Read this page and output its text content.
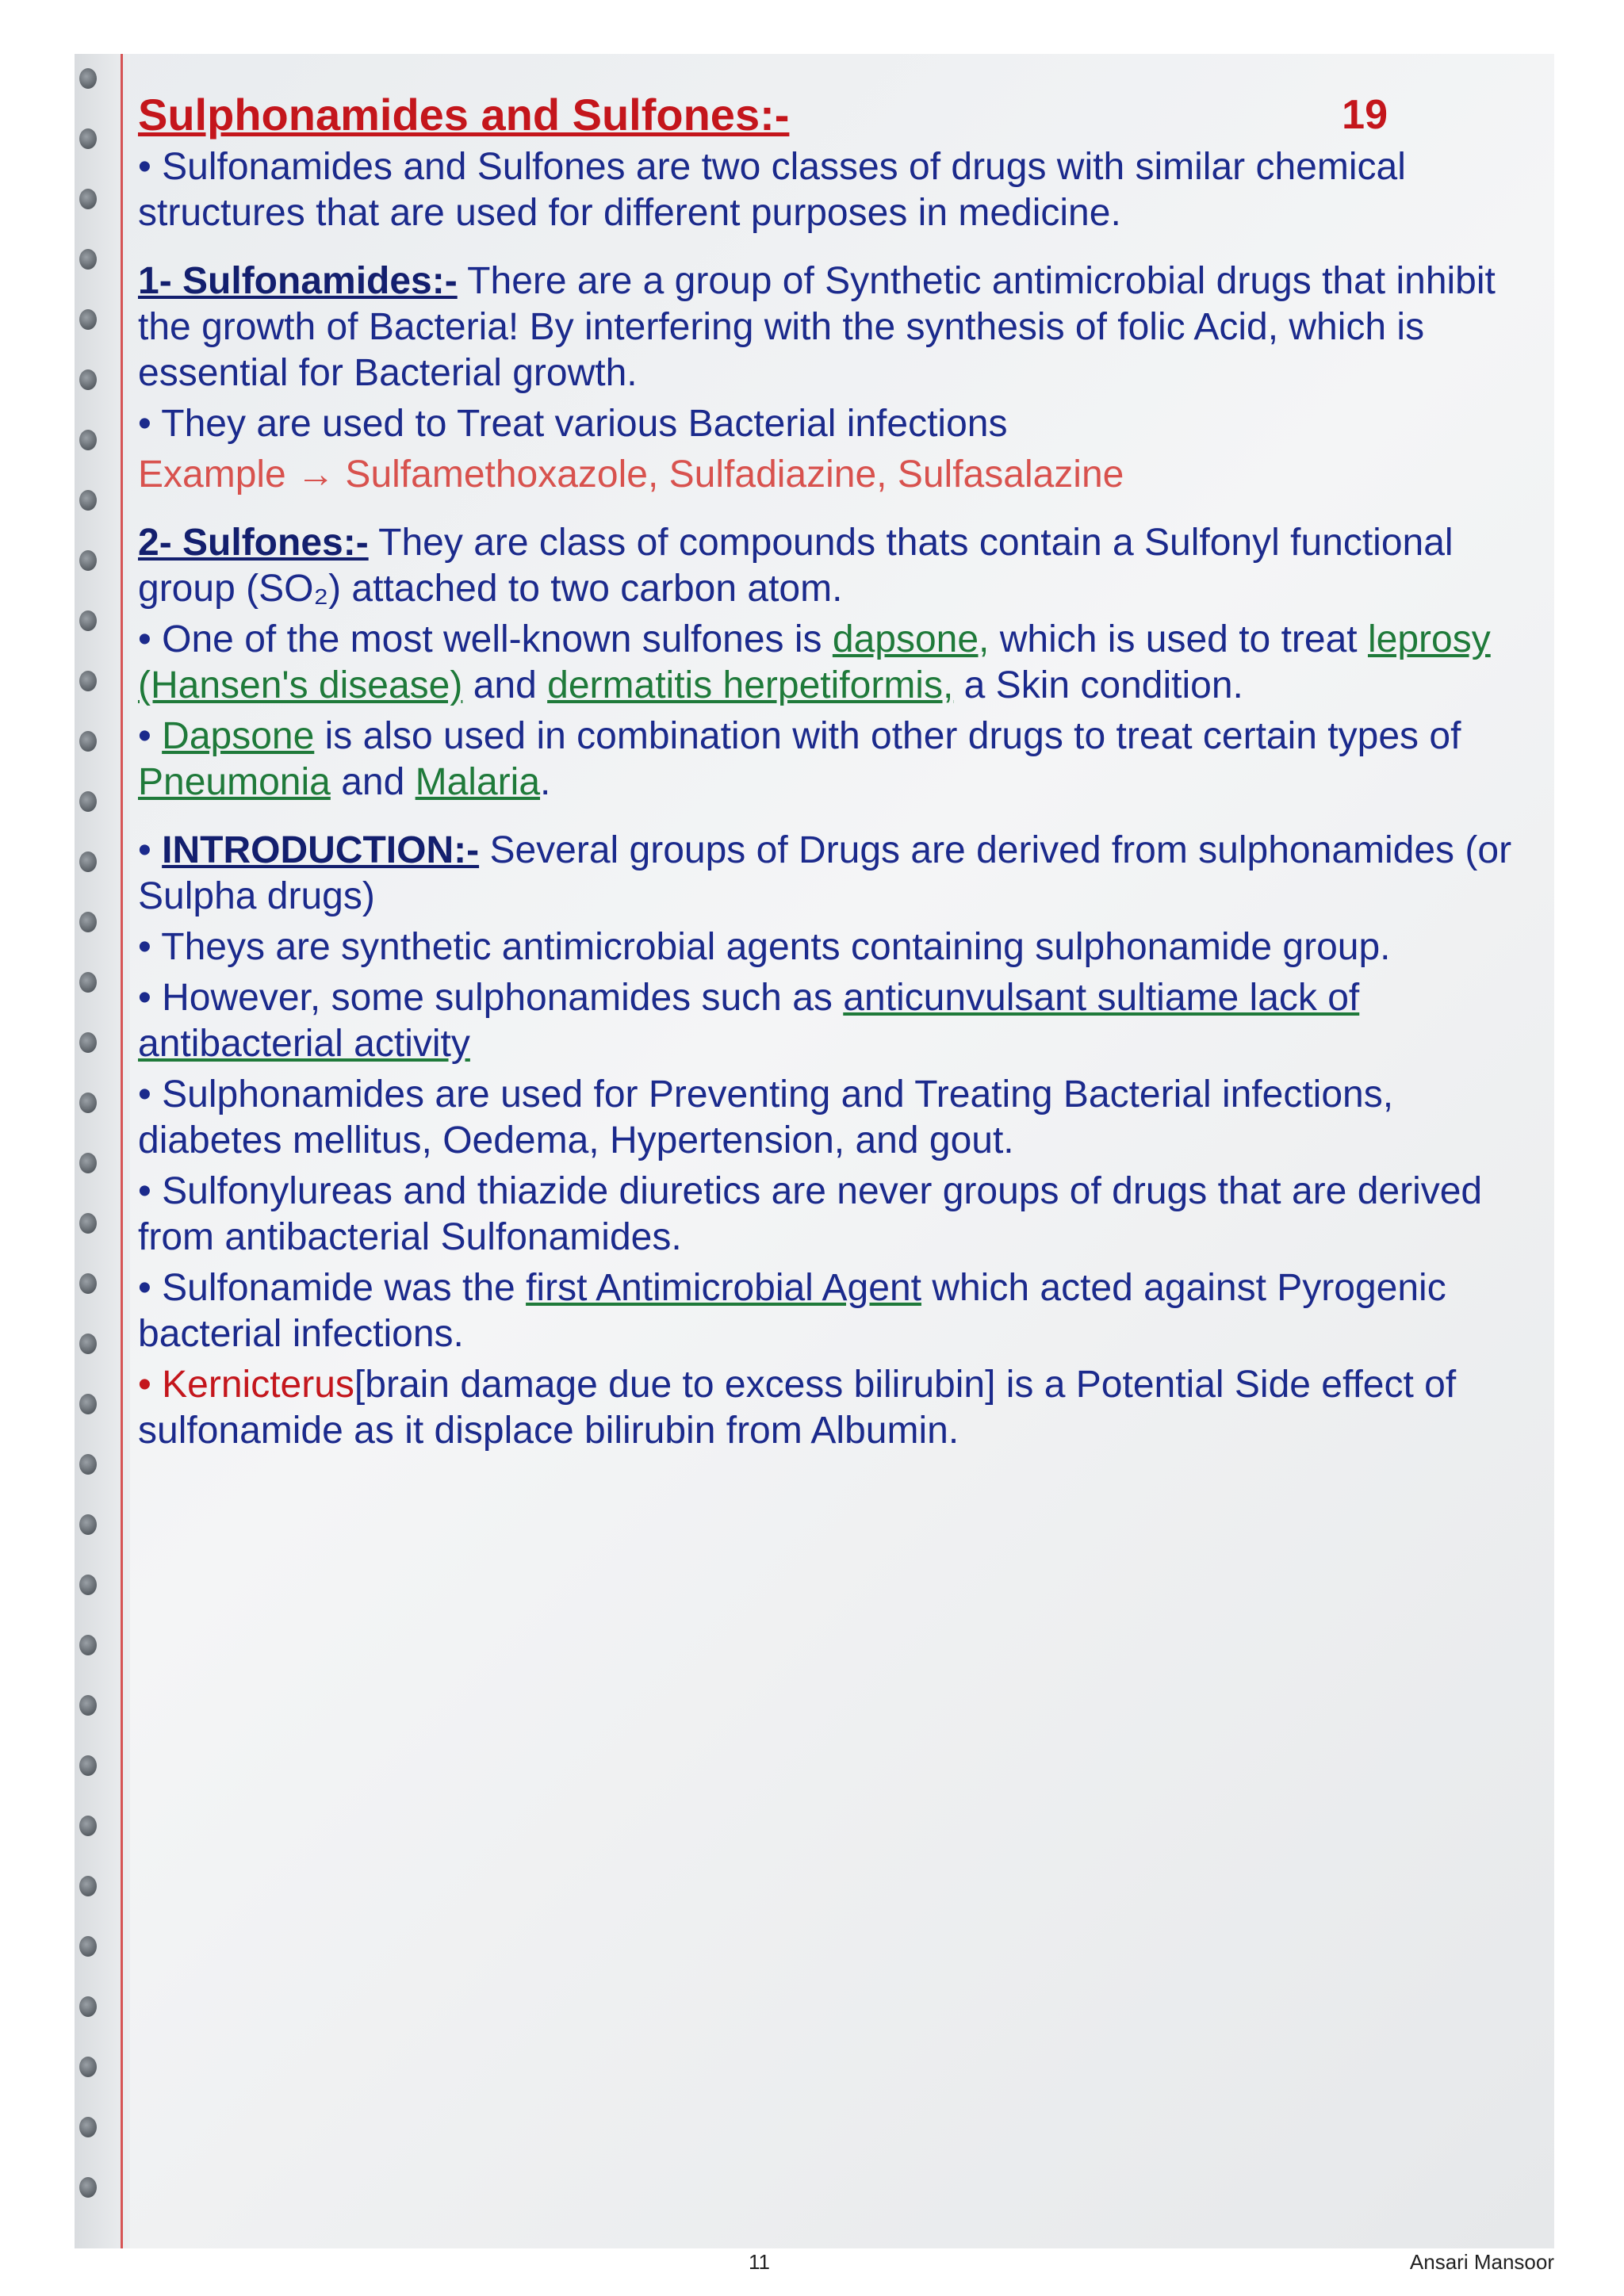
Sulphonamides and Sulfones:-	19

• Sulfonamides and Sulfones are two classes of drugs with similar chemical structures that are used for different purposes in medicine.

1- Sulfonamides:- There are a group of Synthetic antimicrobial drugs that inhibit the growth of Bacteria! By interfering with the synthesis of folic Acid, which is essential for Bacterial growth.

• They are used to Treat various Bacterial infections

Example → Sulfamethoxazole, Sulfadiazine, Sulfasalazine

2- Sulfones:- They are class of compounds thats contain a Sulfonyl functional group (SO₂) attached to two carbon atom.

• One of the most well-known sulfones is dapsone, which is used to treat leprosy (Hansen's disease) and dermatitis herpetiformis, a Skin condition.

• Dapsone is also used in combination with other drugs to treat certain types of Pneumonia and Malaria.

• INTRODUCTION:- Several groups of Drugs are derived from sulphonamides (or Sulpha drugs)

• Theys are synthetic antimicrobial agents containing sulphonamide group.

• However, some sulphonamides such as anticunvulsant sultiame lack of antibacterial activity

• Sulphonamides are used for Preventing and Treating Bacterial infections, diabetes mellitus, Oedema, Hypertension, and gout.

• Sulfonylureas and thiazide diuretics are never groups of drugs that are derived from antibacterial Sulfonamides.

• Sulfonamide was the first Antimicrobial Agent which acted against Pyrogenic bacterial infections.

• Kernicterus[brain damage due to excess bilirubin] is a Potential Side effect of sulfonamide as it displace bilirubin from Albumin.

11	Ansari Mansoor
